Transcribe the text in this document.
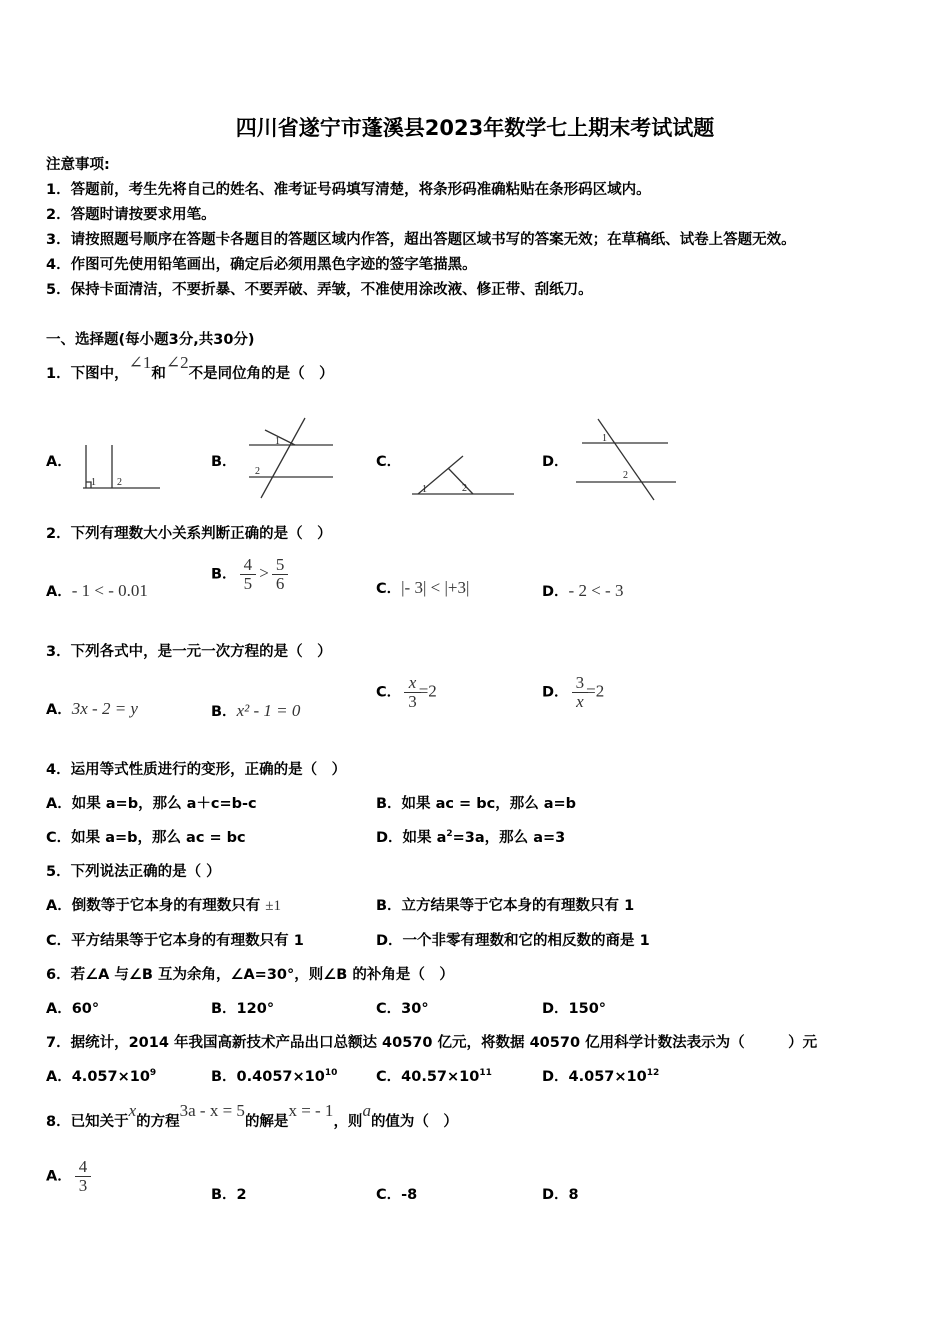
四川省遂宁市蓬溪县2023年数学七上期末考试试题
注意事项:
1．答题前，考生先将自己的姓名、准考证号码填写清楚，将条形码准确粘贴在条形码区域内。
2．答题时请按要求用笔。
3．请按照题号顺序在答题卡各题目的答题区域内作答，超出答题区域书写的答案无效；在草稿纸、试卷上答题无效。
4．作图可先使用铅笔画出，确定后必须用黑色字迹的签字笔描黑。
5．保持卡面清洁，不要折暴、不要弄破、弄皱，不准使用涂改液、修正带、刮纸刀。
一、选择题(每小题3分,共30分)
1．下图中，∠1和∠2不是同位角的是（　）
A．
1 2
B．
1
2
C．
1	2
D．
1
2
2．下列有理数大小关系判断正确的是（　）
A．- 1 < - 0.01
B． $\frac{4}{5} > \frac{5}{6}$	C．|- 3| < |+3|	D．- 2 < - 3
3．下列各式中，是一元一次方程的是（　）
A．3x - 2 = y	B．x² - 1 = 0
C． $\frac{x}{3} =2$	D． $\frac{3}{x} =2$
4．运用等式性质进行的变形，正确的是（　）
A．如果 a=b，那么 a＋c=b-c	B．如果 ac = bc，那么 a=b
C．如果 a=b，那么 ac = bc	D．如果 $a^2=3a$，那么 a=3
5．下列说法正确的是（ ）
A．倒数等于它本身的有理数只有 ±1	B．立方结果等于它本身的有理数只有 1
C．平方结果等于它本身的有理数只有 1	D．一个非零有理数和它的相反数的商是 1
6．若∠A 与∠B 互为余角，∠A=30°，则∠B 的补角是（　）
A．60°	B．120°	C．30°	D．150°
7．据统计，2014 年我国高新技术产品出口总额达 40570 亿元，将数据 40570 亿用科学计数法表示为（　　　）元
A．$4.057\times 10^9$	B．$0.4057\times 10^{10}$	C．$40.57\times 10^{11}$	D．$4.057\times 10^{12}$
8．已知关于x的方程3a - x = 5的解是x = - 1，则a的值为（　）
A． $\frac{4}{3}$
B．2	C．-8	D．8
